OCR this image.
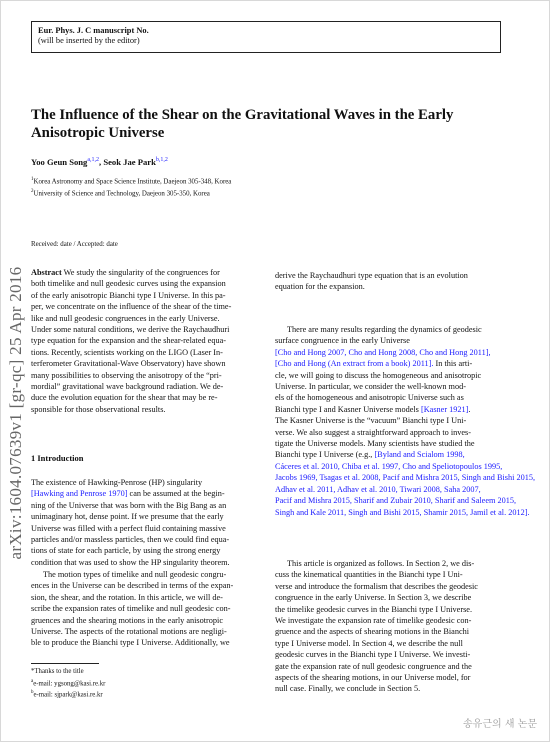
Eur. Phys. J. C manuscript No.
(will be inserted by the editor)
arXiv:1604.07639v1 [gr-qc] 25 Apr 2016
The Influence of the Shear on the Gravitational Waves in the Early Anisotropic Universe
Yoo Geun Song$^{a,1,2}$, Seok Jae Park$^{b,1,2}$
$^1$Korea Astronomy and Space Science Institute, Daejeon 305-348, Korea
$^2$University of Science and Technology, Daejeon 305-350, Korea
Received: date / Accepted: date
Abstract We study the singularity of the congruences for
both timelike and null geodesic curves using the expansion
of the early anisotropic Bianchi type I Universe. In this pa-
per, we concentrate on the influence of the shear of the time-
like and null geodesic congruences in the early Universe.
Under some natural conditions, we derive the Raychaudhuri
type equation for the expansion and the shear-related equa-
tions. Recently, scientists working on the LIGO (Laser In-
terferometer Gravitational-Wave Observatory) have shown
many possibilities to observing the anisotropy of the “pri-
mordial” gravitational wave background radiation. We de-
duce the evolution equation for the shear that may be re-
sponsible for those observational results.
1 Introduction
The existence of Hawking-Penrose (HP) singularity
[Hawking and Penrose 1970] can be assumed at the begin-
ning of the Universe that was born with the Big Bang as an
unimaginary hot, dense point. If we presume that the early
Universe was filled with a perfect fluid containing massive
particles and/or massless particles, then we could find equa-
tions of state for each particle, by using the strong energy
condition that was used to show the HP singularity theorem.
The motion types of timelike and null geodesic congru-
ences in the Universe can be described in terms of the expan-
sion, the shear, and the rotation. In this article, we will de-
scribe the expansion rates of timelike and null geodesic con-
gruences and the shearing motions in the early anisotropic
Universe. The aspects of the rotational motions are negligi-
ble to produce the Bianchi type I Universe. Additionally, we
*Thanks to the title
$^a$e-mail: ygsong@kasi.re.kr
$^b$e-mail: sjpark@kasi.re.kr
derive the Raychaudhuri type equation that is an evolution
equation for the expansion.
There are many results regarding the dynamics of geodesic
surface congruence in the early Universe
[Cho and Hong 2007, Cho and Hong 2008, Cho and Hong 2011],
[Cho and Hong (An extract from a book) 2011]. In this arti-
cle, we will going to discuss the homogeneous and anisotropic
Universe. In particular, we consider the well-known mod-
els of the homogeneous and anisotropic Universe such as
Bianchi type I and Kasner Universe models [Kasner 1921].
The Kasner Universe is the “vacuum” Bianchi type I Uni-
verse. We also suggest a straightforward approach to inves-
tigate the Universe models. Many scientists have studied the
Bianchi type I Universe (e.g., [Byland and Scialom 1998,
Cáceres et al. 2010, Chiba et al. 1997, Cho and Speliotopoulos 1995,
Jacobs 1969, Tsagas et al. 2008, Pacif and Mishra 2015, Singh and Bishi 2015,
Adhav et al. 2011, Adhav et al. 2010, Tiwari 2008, Saha 2007,
Pacif and Mishra 2015, Sharif and Zubair 2010, Sharif and Saleem 2015,
Singh and Kale 2011, Singh and Bishi 2015, Shamir 2015, Jamil et al. 2012].
This article is organized as follows. In Section 2, we dis-
cuss the kinematical quantities in the Bianchi type I Uni-
verse and introduce the formalism that describes the geodesic
congruence in the early Universe. In Section 3, we describe
the timelike geodesic curves in the Bianchi type I Universe.
We investigate the expansion rate of timelike geodesic con-
gruence and the aspects of shearing motions in the Bianchi
type I Universe model. In Section 4, we describe the null
geodesic curves in the Bianchi type I Universe. We investi-
gate the expansion rate of null geodesic congruence and the
aspects of the shearing motions, in our Universe model, for
null case. Finally, we conclude in Section 5.
송유근의 새 논문
